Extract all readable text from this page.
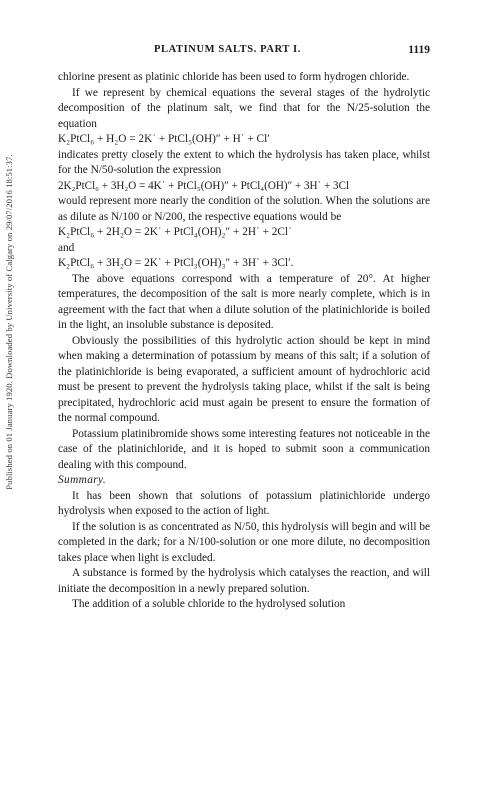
Published on 01 January 1920. Downloaded by University of Calgary on 29/07/2016 18:51:37.
PLATINUM SALTS. PART I.	1119

chlorine present as platinic chloride has been used to form hydrogen chloride.

If we represent by chemical equations the several stages of the hydrolytic decomposition of the platinum salt, we find that for the N/25-solution the equation

K₂PtCl₆ + H₂O = 2K˙ + PtCl₅(OH)″ + H˙ + Cl′

indicates pretty closely the extent to which the hydrolysis has taken place, whilst for the N/50-solution the expression

2K₂PtCl₆ + 3H₂O = 4K˙ + PtCl₅(OH)″ + PtCl₄(OH)″ + 3H˙ + 3Cl

would represent more nearly the condition of the solution. When the solutions are as dilute as N/100 or N/200, the respective equations would be

K₂PtCl₆ + 2H₂O = 2K˙ + PtCl₄(OH)₂″ + 2H˙ + 2Cl˙

and

K₂PtCl₆ + 3H₂O = 2K˙ + PtCl₃(OH)₃″ + 3H˙ + 3Cl′.

The above equations correspond with a temperature of 20°. At higher temperatures, the decomposition of the salt is more nearly complete, which is in agreement with the fact that when a dilute solution of the platinichloride is boiled in the light, an insoluble substance is deposited.

Obviously the possibilities of this hydrolytic action should be kept in mind when making a determination of potassium by means of this salt; if a solution of the platinichloride is being evaporated, a sufficient amount of hydrochloric acid must be present to prevent the hydrolysis taking place, whilst if the salt is being precipitated, hydrochloric acid must again be present to ensure the formation of the normal compound.

Potassium platinibromide shows some interesting features not noticeable in the case of the platinichloride, and it is hoped to submit soon a communication dealing with this compound.

Summary.

It has been shown that solutions of potassium platinichloride undergo hydrolysis when exposed to the action of light.

If the solution is as concentrated as N/50, this hydrolysis will begin and will be completed in the dark; for a N/100-solution or one more dilute, no decomposition takes place when light is excluded.

A substance is formed by the hydrolysis which catalyses the reaction, and will initiate the decomposition in a newly prepared solution.

The addition of a soluble chloride to the hydrolysed solution
